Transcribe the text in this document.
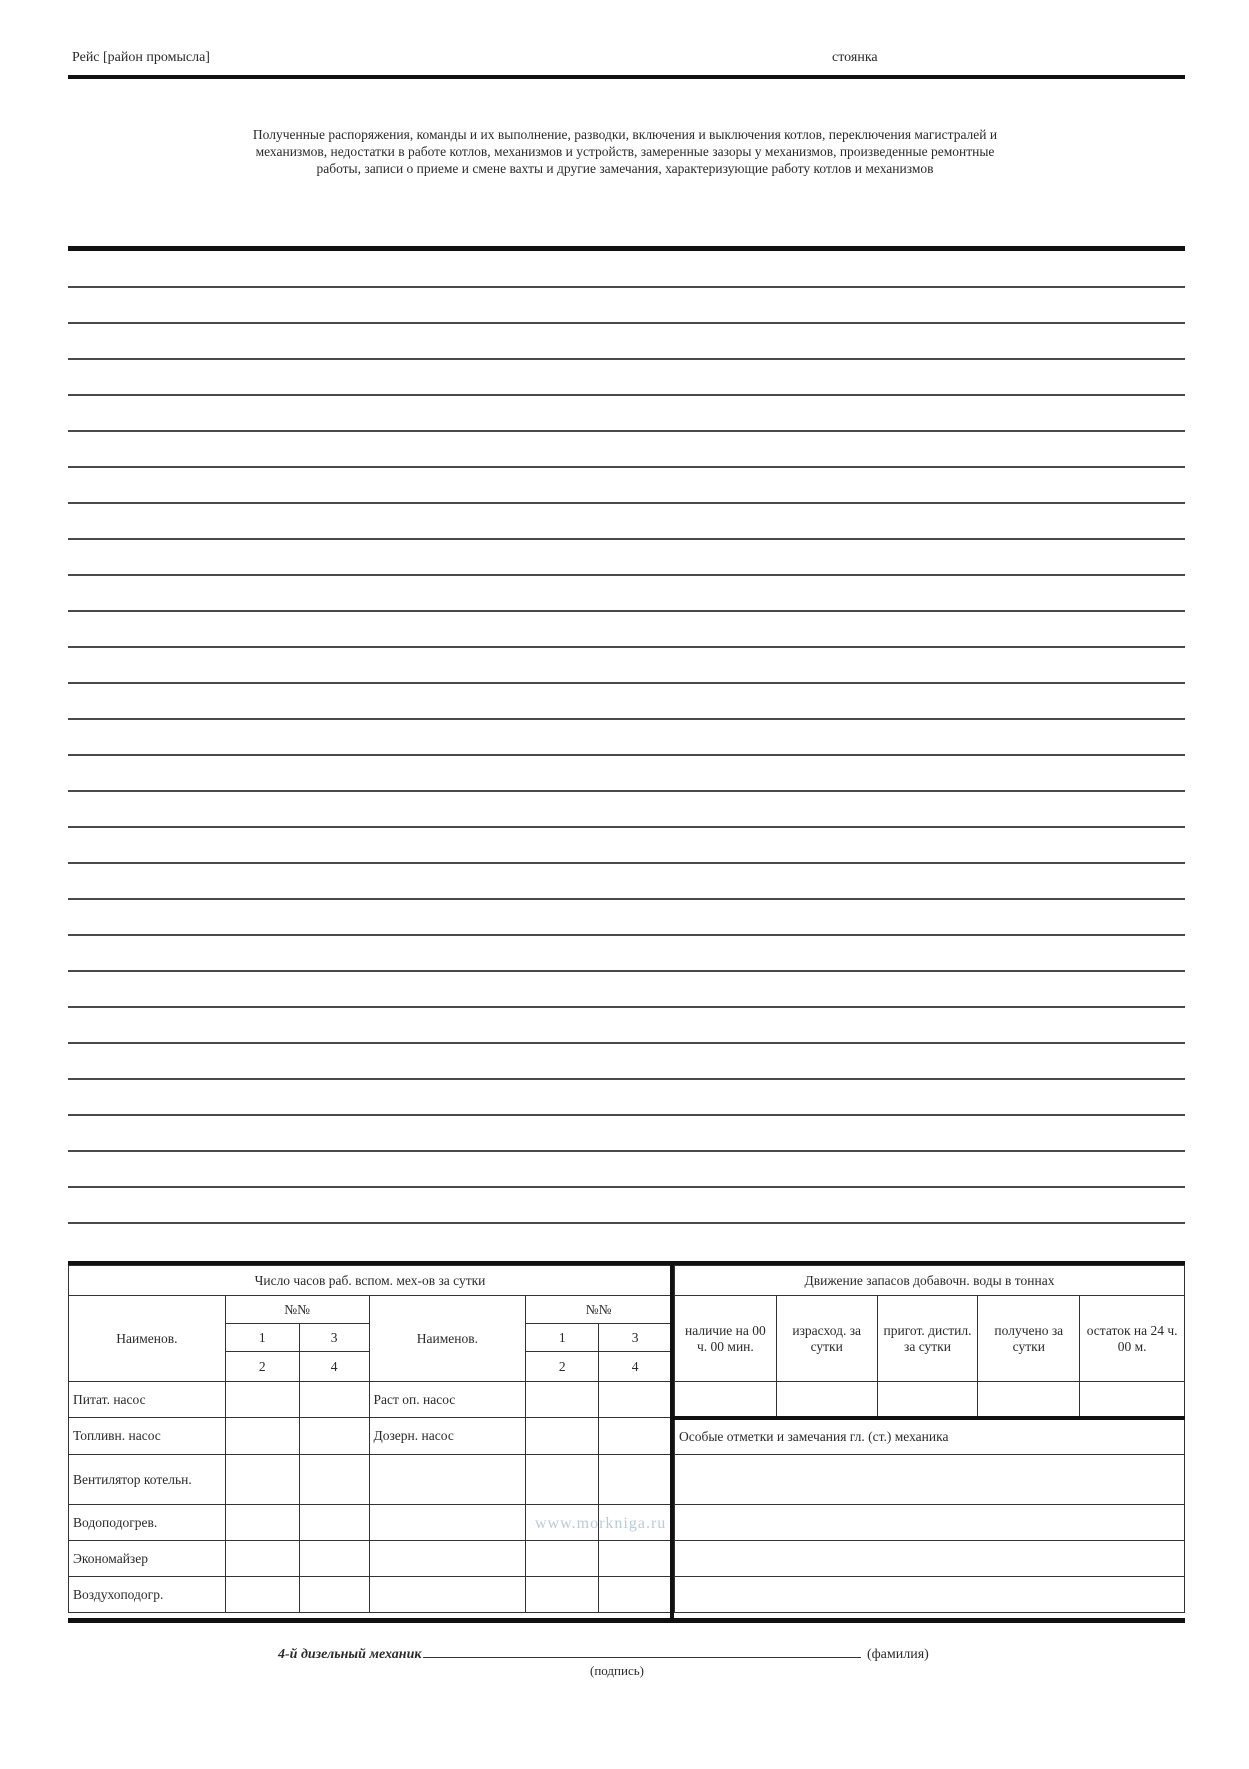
Рейс [район промысла]	стоянка
Полученные распоряжения, команды и их выполнение, разводки, включения и выключения котлов, переключения магистралей и механизмов, недостатки в работе котлов, механизмов и устройств, замеренные зазоры у механизмов, произведенные ремонтные работы, записи о приеме и смене вахты и другие замечания, характеризующие работу котлов и механизмов
Число часов раб. вспом. мех-ов за сутки					
Наименов.	№№		Наименов.	№№	
	1	3		1	3
	2	4		2	4
Питат. насос			Раст оп. насос		
Топливн. насос			Дозерн. насос		
Вентилятор котельн.					
Водоподогрев.					
Экономайзер					
Воздухоподогр.					
Движение запасов добавочн. воды в тоннах				
наличие на 00 ч. 00 мин.	израсход. за сутки	пригот. дистил. за сутки	получено за сутки	остаток на 24 ч. 00 м.

Особые отметки и замечания гл. (ст.) механика				

www.morkniga.ru
4-й дизельный механик	(фамилия)
(подпись)
